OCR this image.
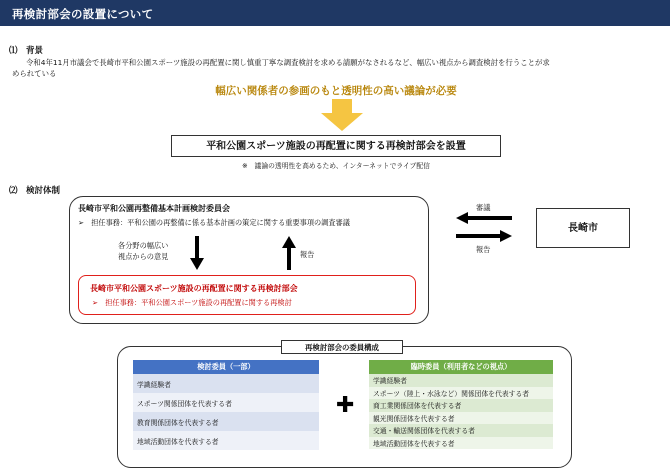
再検討部会の設置について
⑴　背景
令和4年11月市議会で長崎市平和公園スポーツ施設の再配置に関し慎重丁寧な調査検討を求める請願がなされるなど、幅広い視点から調査検討を行うことが求
められている
幅広い関係者の参画のもと透明性の高い議論が必要
平和公園スポーツ施設の再配置に関する再検討部会を設置
※　議論の透明性を高めるため、インターネットでライブ配信
⑵　検討体制
長崎市平和公園再整備基本計画検討委員会
➢　担任事務：平和公園の再整備に係る基本計画の策定に関する重要事項の調査審議
各分野の幅広い
視点からの意見	報告
長崎市平和公園スポーツ施設の再配置に関する再検討部会
➢　担任事務：平和公園スポーツ施設の再配置に関する再検討
審議
報告
長崎市
再検討部会の委員構成
検討委員（一部）
学識経験者
スポーツ関係団体を代表する者
教育関係団体を代表する者
地域活動団体を代表する者
✚
臨時委員（利用者などの視点）
学識経験者
スポーツ（陸上・水泳など）関係団体を代表する者
商工業関係団体を代表する者
観光関係団体を代表する者
交通・輸送関係団体を代表する者
地域活動団体を代表する者
